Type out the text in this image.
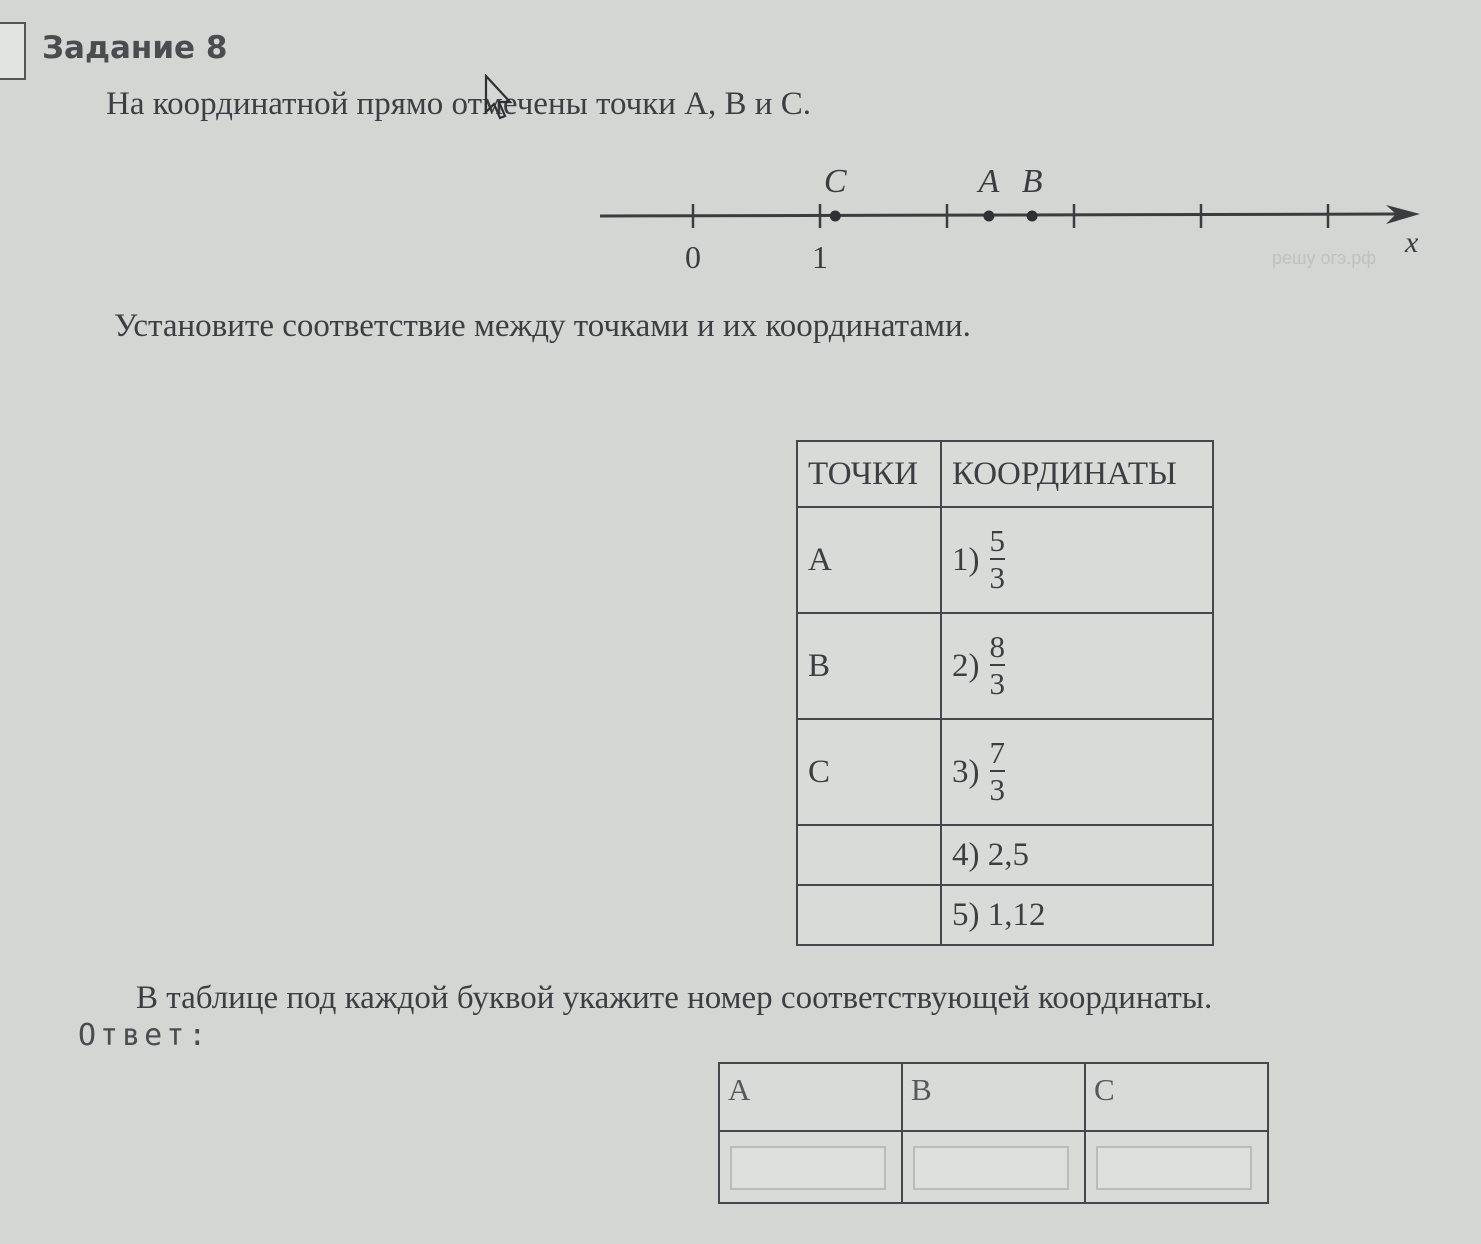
Задание 8
На координатной прямо отмечены точки A, B и C.
C	A B
0	1	x
решу огэ.рф
Установите соответствие между точками и их координатами.
ТОЧКИ	КООРДИНАТЫ
A	$1) \frac{5}{3}$

B	$2) \frac{8}{3}$

C	$3) \frac{7}{3}$

	4) 2,5
	5) 1,12
В таблице под каждой буквой укажите номер соответствующей координаты.
Ответ:
A	B	C
